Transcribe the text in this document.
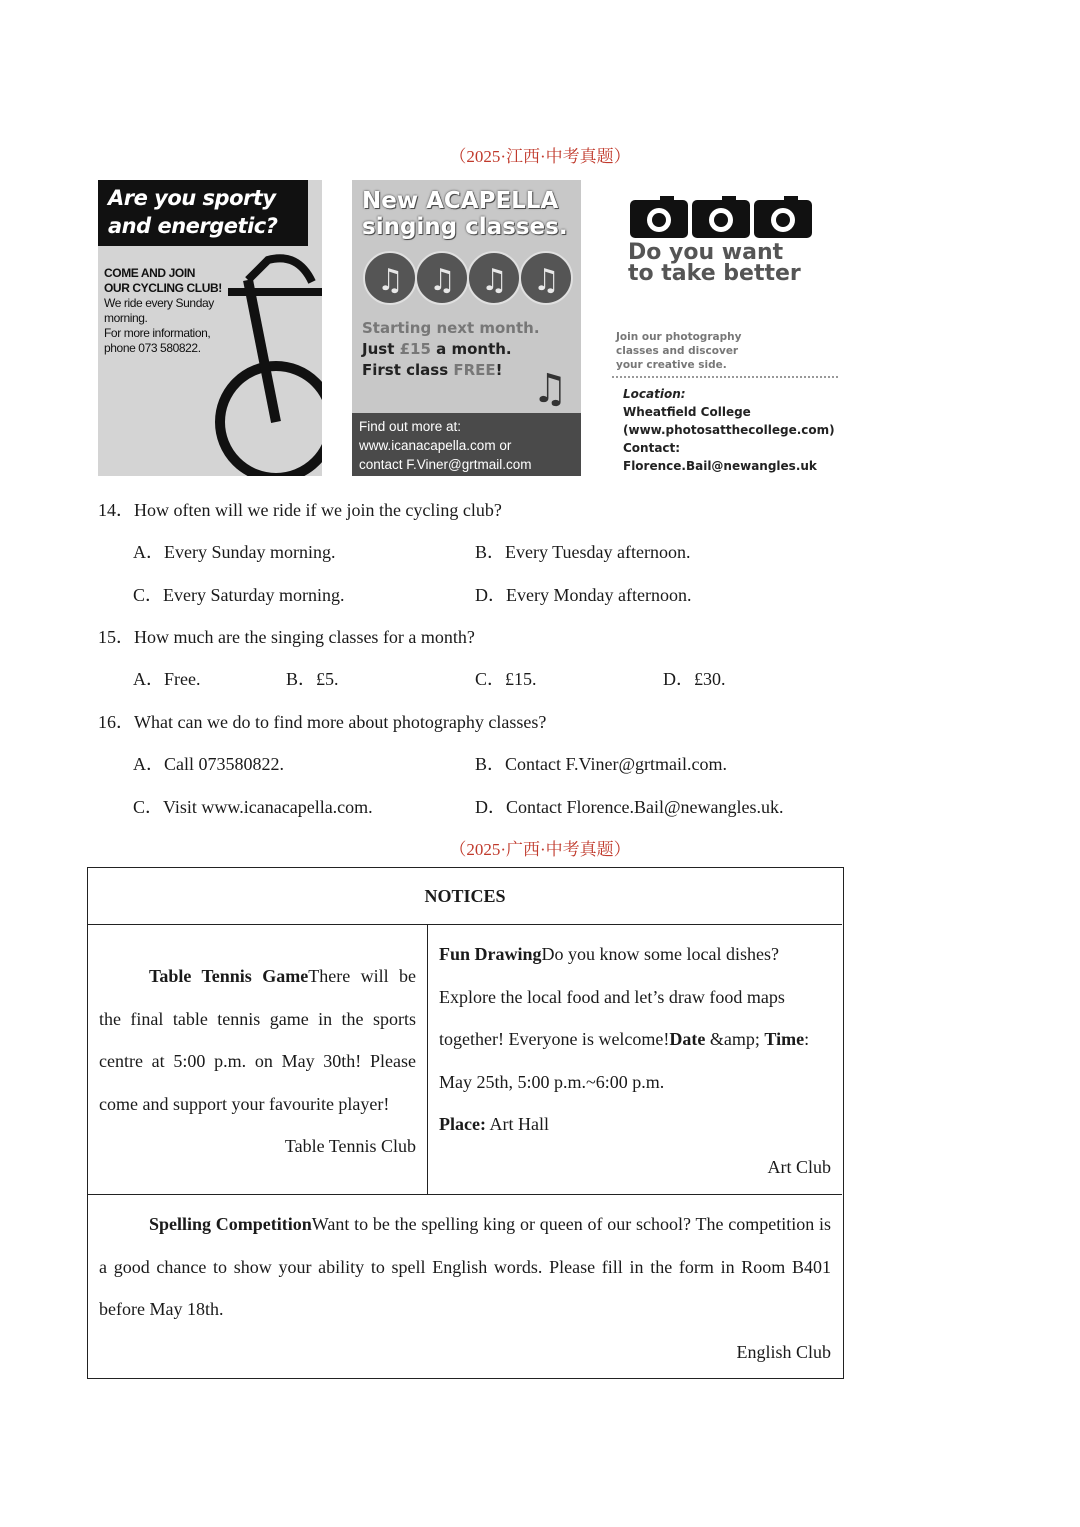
（2025·江西·中考真题）
Are you sporty
and energetic?
COME AND JOIN
OUR CYCLING CLUB!
We ride every Sunday
morning.
For more information,
phone 073 580822.
New ACAPELLA
singing classes.
♫ ♫ ♫ ♫
Starting next month.
Just £15 a month.
First class FREE! ♫
Find out more at:
www.icanacapella.com or
contact F.Viner@grtmail.com
Do you want
to take better
Join our photography
classes and discover
your creative side.
Location:
Wheatfield College
(www.photosatthecollege.com)
Contact:
Florence.Bail@newangles.uk
14．How often will we ride if we join the cycling club?
A．Every Sunday morning.	B．Every Tuesday afternoon.
C．Every Saturday morning.	D．Every Monday afternoon.
15．How much are the singing classes for a month?
A．Free.	B．£5.	C．£15.	D．£30.
16．What can we do to find more about photography classes?
A．Call 073580822.	B．Contact F.Viner@grtmail.com.
C．Visit www.icanacapella.com.	D．Contact Florence.Bail@newangles.uk.
（2025·广西·中考真题）
NOTICES
Table Tennis GameThere will be the final table tennis game in the sports centre at 5:00 p.m. on May 30th! Please come and support your favourite player!
Table Tennis Club
Fun DrawingDo you know some local dishes? Explore the local food and let’s draw food maps together! Everyone is welcome!Date &amp; Time:
May 25th, 5:00 p.m.~6:00 p.m.
Place: Art Hall
Art Club
Spelling CompetitionWant to be the spelling king or queen of our school? The competition is a good chance to show your ability to spell English words. Please fill in the form in Room B401 before May 18th.
English Club
